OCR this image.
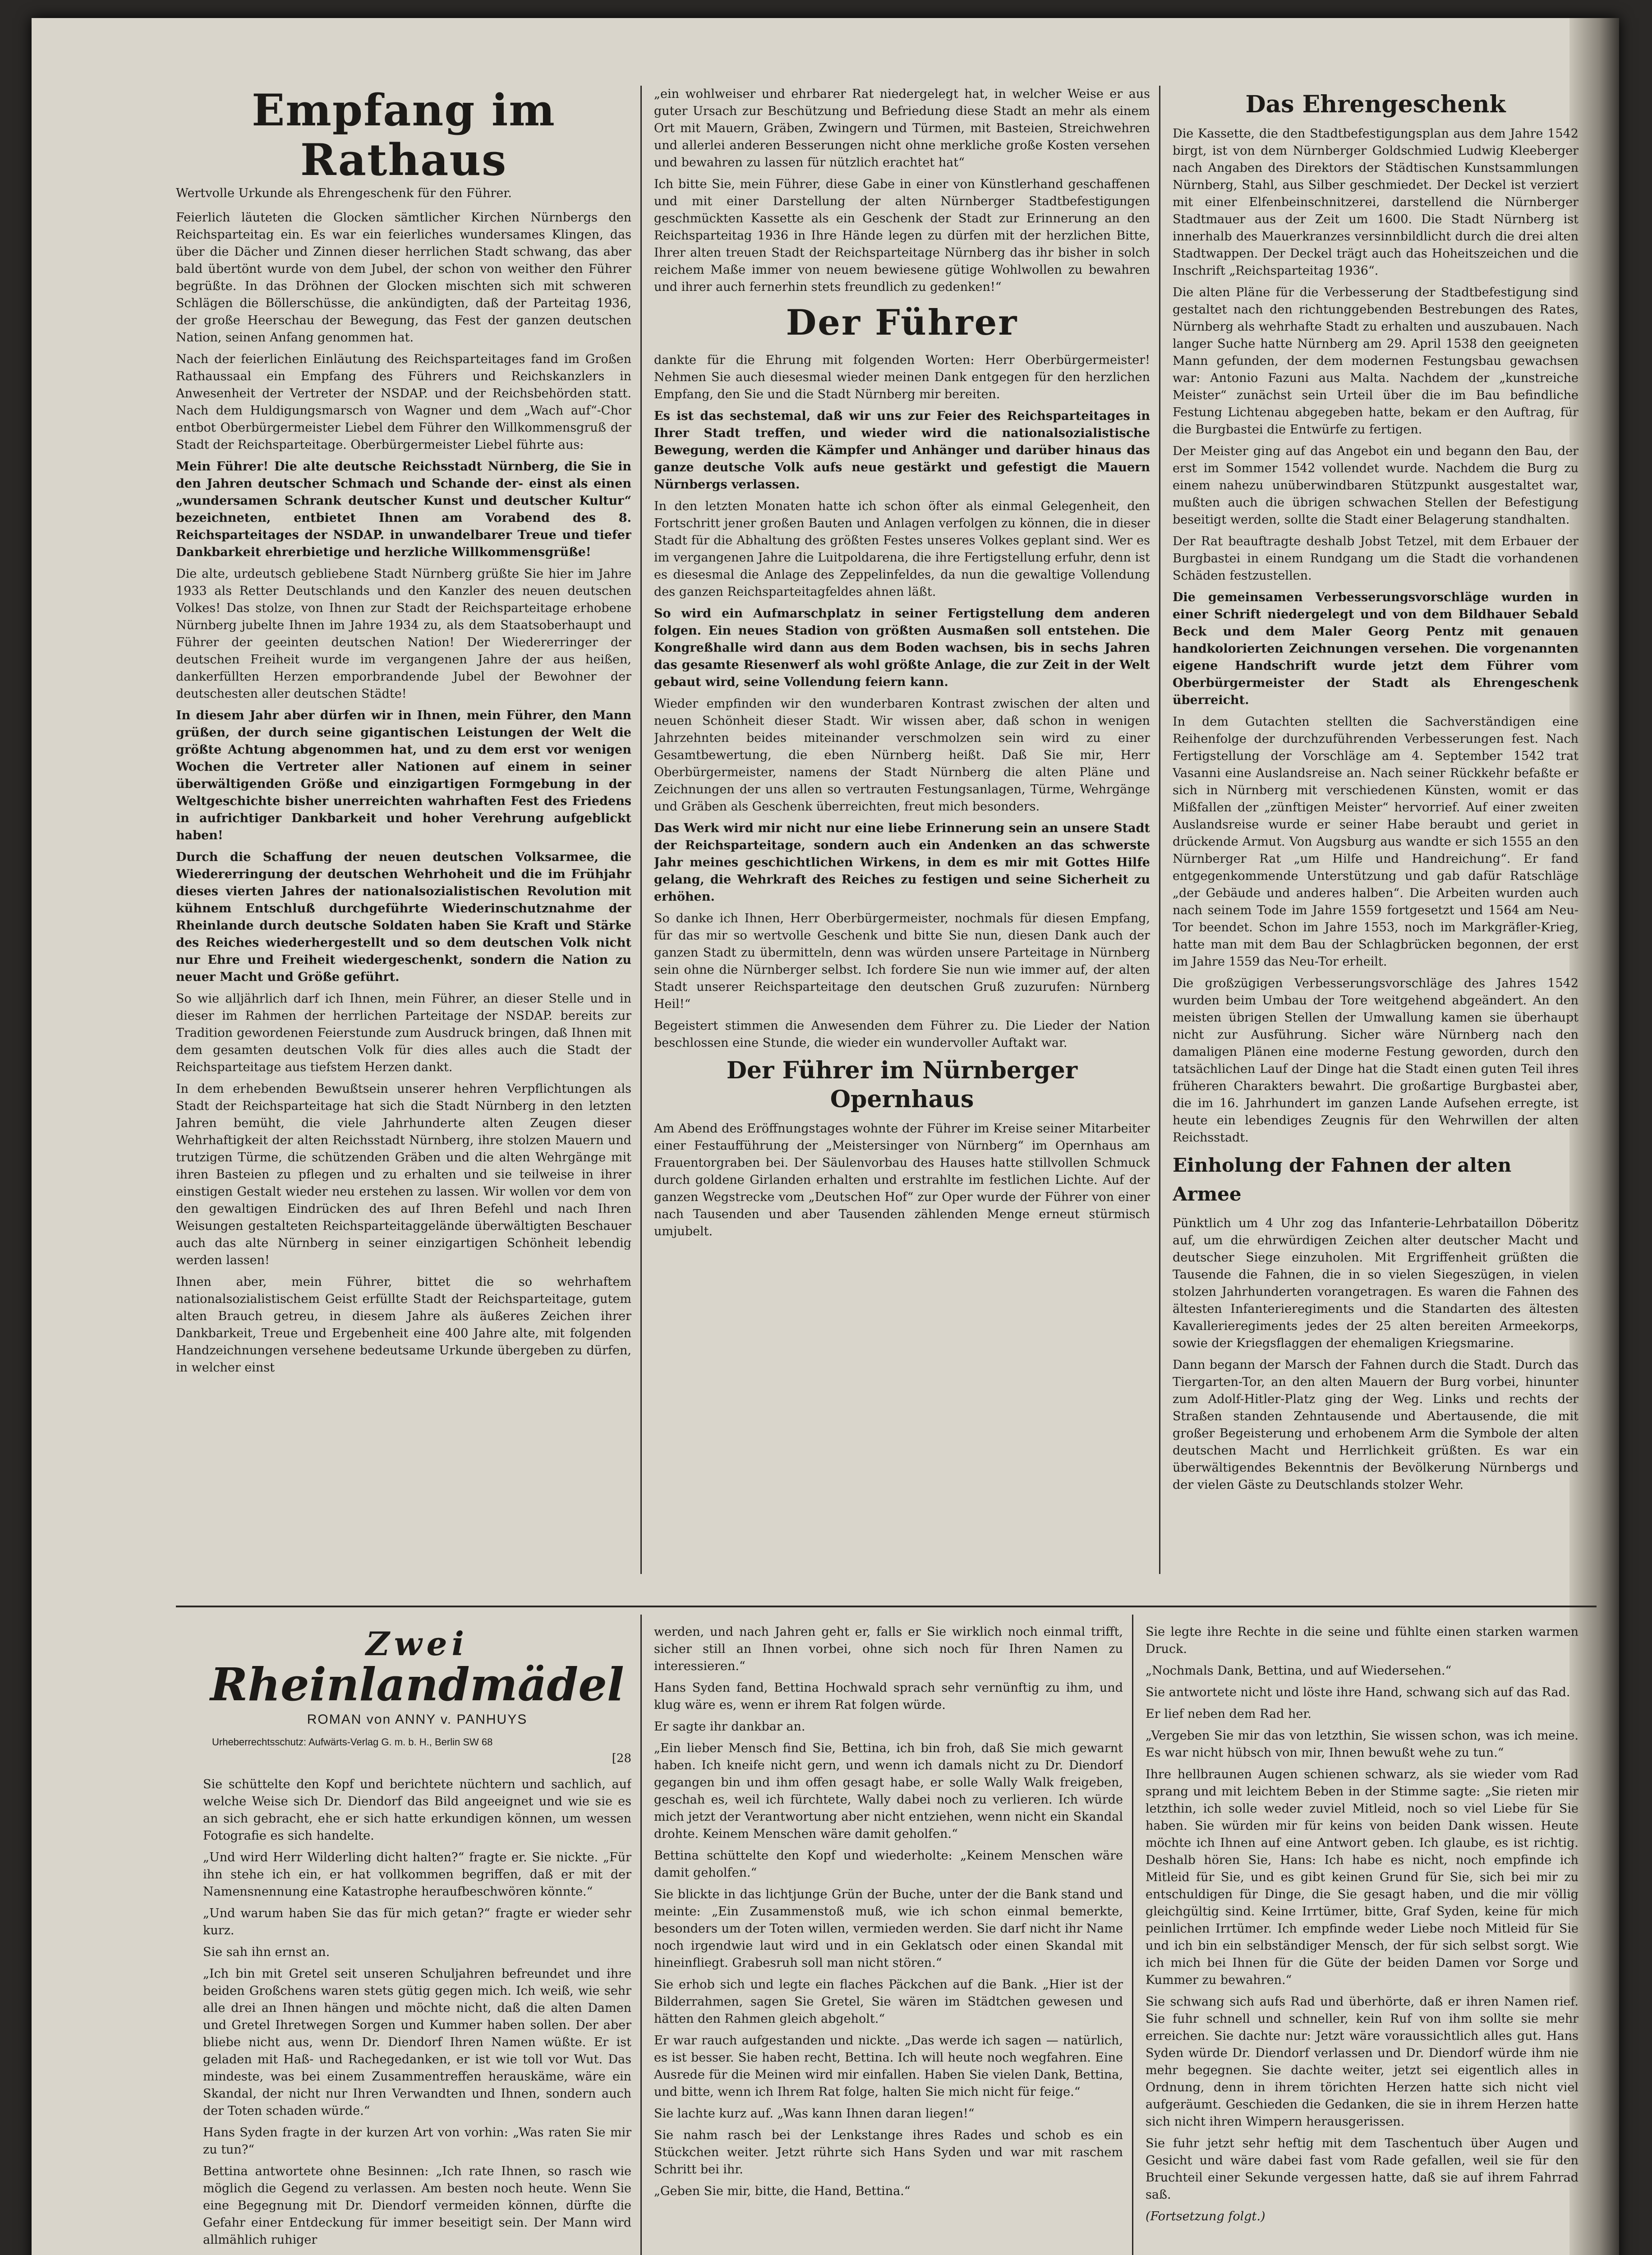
Empfang im Rathaus

Wertvolle Urkunde als Ehrengeschenk für den Führer.

Feierlich läuteten die Glocken sämtlicher Kirchen Nürnbergs den Reichsparteitag ein. Es war ein feierliches wundersames Klingen, das über die Dächer und Zinnen dieser herrlichen Stadt schwang, das aber bald übertönt wurde von dem Jubel, der schon von weither den Führer begrüßte. In das Dröhnen der Glocken mischten sich mit schweren Schlägen die Böllerschüsse, die ankündigten, daß der Parteitag 1936, der große Heerschau der Bewegung, das Fest der ganzen deutschen Nation, seinen Anfang genommen hat.

Nach der feierlichen Einläutung des Reichsparteitages fand im Großen Rathaussaal ein Empfang des Führers und Reichskanzlers in Anwesenheit der Vertreter der NSDAP. und der Reichsbehörden statt. Nach dem Huldigungsmarsch von Wagner und dem „Wach auf“-Chor entbot Oberbürgermeister Liebel dem Führer den Willkommensgruß der Stadt der Reichsparteitage. Oberbürgermeister Liebel führte aus:

Mein Führer! Die alte deutsche Reichsstadt Nürnberg, die Sie in den Jahren deutscher Schmach und Schande der- einst als einen „wundersamen Schrank deutscher Kunst und deutscher Kultur“ bezeichneten, entbietet Ihnen am Vorabend des 8. Reichsparteitages der NSDAP. in unwandelbarer Treue und tiefer Dankbarkeit ehrerbietige und herzliche Willkommensgrüße!

Die alte, urdeutsch gebliebene Stadt Nürnberg grüßte Sie hier im Jahre 1933 als Retter Deutschlands und den Kanzler des neuen deutschen Volkes! Das stolze, von Ihnen zur Stadt der Reichsparteitage erhobene Nürnberg jubelte Ihnen im Jahre 1934 zu, als dem Staatsoberhaupt und Führer der geeinten deutschen Nation! Der Wiedererringer der deutschen Freiheit wurde im vergangenen Jahre der aus heißen, dankerfüllten Herzen emporbrandende Jubel der Bewohner der deutschesten aller deutschen Städte!

In diesem Jahr aber dürfen wir in Ihnen, mein Führer, den Mann grüßen, der durch seine gigantischen Leistungen der Welt die größte Achtung abgenommen hat, und zu dem erst vor wenigen Wochen die Vertreter aller Nationen auf einem in seiner überwältigenden Größe und einzigartigen Formgebung in der Weltgeschichte bisher unerreichten wahrhaften Fest des Friedens in aufrichtiger Dankbarkeit und hoher Verehrung aufgeblickt haben!

Durch die Schaffung der neuen deutschen Volksarmee, die Wiedererringung der deutschen Wehrhoheit und die im Frühjahr dieses vierten Jahres der nationalsozialistischen Revolution mit kühnem Entschluß durchgeführte Wiederinschutznahme der Rheinlande durch deutsche Soldaten haben Sie Kraft und Stärke des Reiches wiederhergestellt und so dem deutschen Volk nicht nur Ehre und Freiheit wiedergeschenkt, sondern die Nation zu neuer Macht und Größe geführt.

So wie alljährlich darf ich Ihnen, mein Führer, an dieser Stelle und in dieser im Rahmen der herrlichen Parteitage der NSDAP. bereits zur Tradition gewordenen Feierstunde zum Ausdruck bringen, daß Ihnen mit dem gesamten deutschen Volk für dies alles auch die Stadt der Reichsparteitage aus tiefstem Herzen dankt.

In dem erhebenden Bewußtsein unserer hehren Verpflichtungen als Stadt der Reichsparteitage hat sich die Stadt Nürnberg in den letzten Jahren bemüht, die viele Jahrhunderte alten Zeugen dieser Wehrhaftigkeit der alten Reichsstadt Nürnberg, ihre stolzen Mauern und trutzigen Türme, die schützenden Gräben und die alten Wehrgänge mit ihren Basteien zu pflegen und zu erhalten und sie teilweise in ihrer einstigen Gestalt wieder neu erstehen zu lassen. Wir wollen vor dem von den gewaltigen Eindrücken des auf Ihren Befehl und nach Ihren Weisungen gestalteten Reichsparteitaggelände überwältigten Beschauer auch das alte Nürnberg in seiner einzigartigen Schönheit lebendig werden lassen!

Ihnen aber, mein Führer, bittet die so wehrhaftem nationalsozialistischem Geist erfüllte Stadt der Reichsparteitage, gutem alten Brauch getreu, in diesem Jahre als äußeres Zeichen ihrer Dankbarkeit, Treue und Ergebenheit eine 400 Jahre alte, mit folgenden Handzeichnungen versehene bedeutsame Urkunde übergeben zu dürfen, in welcher einst

„ein wohlweiser und ehrbarer Rat niedergelegt hat, in welcher Weise er aus guter Ursach zur Beschützung und Befriedung diese Stadt an mehr als einem Ort mit Mauern, Gräben, Zwingern und Türmen, mit Basteien, Streichwehren und allerlei anderen Besserungen nicht ohne merkliche große Kosten versehen und bewahren zu lassen für nützlich erachtet hat“

Ich bitte Sie, mein Führer, diese Gabe in einer von Künstlerhand geschaffenen und mit einer Darstellung der alten Nürnberger Stadtbefestigungen geschmückten Kassette als ein Geschenk der Stadt zur Erinnerung an den Reichsparteitag 1936 in Ihre Hände legen zu dürfen mit der herzlichen Bitte, Ihrer alten treuen Stadt der Reichsparteitage Nürnberg das ihr bisher in solch reichem Maße immer von neuem bewiesene gütige Wohlwollen zu bewahren und ihrer auch fernerhin stets freundlich zu gedenken!“

Der Führer

dankte für die Ehrung mit folgenden Worten: Herr Oberbürgermeister! Nehmen Sie auch diesesmal wieder meinen Dank entgegen für den herzlichen Empfang, den Sie und die Stadt Nürnberg mir bereiten.

Es ist das sechstemal, daß wir uns zur Feier des Reichsparteitages in Ihrer Stadt treffen, und wieder wird die nationalsozialistische Bewegung, werden die Kämpfer und Anhänger und darüber hinaus das ganze deutsche Volk aufs neue gestärkt und gefestigt die Mauern Nürnbergs verlassen.

In den letzten Monaten hatte ich schon öfter als einmal Gelegenheit, den Fortschritt jener großen Bauten und Anlagen verfolgen zu können, die in dieser Stadt für die Abhaltung des größten Festes unseres Volkes geplant sind. Wer es im vergangenen Jahre die Luitpoldarena, die ihre Fertigstellung erfuhr, denn ist es diesesmal die Anlage des Zeppelinfeldes, da nun die gewaltige Vollendung des ganzen Reichsparteitagfeldes ahnen läßt.

So wird ein Aufmarschplatz in seiner Fertigstellung dem anderen folgen. Ein neues Stadion von größten Ausmaßen soll entstehen. Die Kongreßhalle wird dann aus dem Boden wachsen, bis in sechs Jahren das gesamte Riesenwerf als wohl größte Anlage, die zur Zeit in der Welt gebaut wird, seine Vollendung feiern kann.

Wieder empfinden wir den wunderbaren Kontrast zwischen der alten und neuen Schönheit dieser Stadt. Wir wissen aber, daß schon in wenigen Jahrzehnten beides miteinander verschmolzen sein wird zu einer Gesamtbewertung, die eben Nürnberg heißt. Daß Sie mir, Herr Oberbürgermeister, namens der Stadt Nürnberg die alten Pläne und Zeichnungen der uns allen so vertrauten Festungsanlagen, Türme, Wehrgänge und Gräben als Geschenk überreichten, freut mich besonders.

Das Werk wird mir nicht nur eine liebe Erinnerung sein an unsere Stadt der Reichsparteitage, sondern auch ein Andenken an das schwerste Jahr meines geschichtlichen Wirkens, in dem es mir mit Gottes Hilfe gelang, die Wehrkraft des Reiches zu festigen und seine Sicherheit zu erhöhen.

So danke ich Ihnen, Herr Oberbürgermeister, nochmals für diesen Empfang, für das mir so wertvolle Geschenk und bitte Sie nun, diesen Dank auch der ganzen Stadt zu übermitteln, denn was würden unsere Parteitage in Nürnberg sein ohne die Nürnberger selbst. Ich fordere Sie nun wie immer auf, der alten Stadt unserer Reichsparteitage den deutschen Gruß zuzurufen: Nürnberg Heil!“

Begeistert stimmen die Anwesenden dem Führer zu. Die Lieder der Nation beschlossen eine Stunde, die wieder ein wundervoller Auftakt war.

Der Führer im Nürnberger Opernhaus

Am Abend des Eröffnungstages wohnte der Führer im Kreise seiner Mitarbeiter einer Festaufführung der „Meistersinger von Nürnberg“ im Opernhaus am Frauentorgraben bei. Der Säulenvorbau des Hauses hatte stillvollen Schmuck durch goldene Girlanden erhalten und erstrahlte im festlichen Lichte. Auf der ganzen Wegstrecke vom „Deutschen Hof“ zur Oper wurde der Führer von einer nach Tausenden und aber Tausenden zählenden Menge erneut stürmisch umjubelt.

Das Ehrengeschenk

Die Kassette, die den Stadtbefestigungsplan aus dem Jahre 1542 birgt, ist von dem Nürnberger Goldschmied Ludwig Kleeberger nach Angaben des Direktors der Städtischen Kunstsammlungen Nürnberg, Stahl, aus Silber geschmiedet. Der Deckel ist verziert mit einer Elfenbeinschnitzerei, darstellend die Nürnberger Stadtmauer aus der Zeit um 1600. Die Stadt Nürnberg ist innerhalb des Mauerkranzes versinnbildlicht durch die drei alten Stadtwappen. Der Deckel trägt auch das Hoheitszeichen und die Inschrift „Reichsparteitag 1936“.

Die alten Pläne für die Verbesserung der Stadtbefestigung sind gestaltet nach den richtunggebenden Bestrebungen des Rates, Nürnberg als wehrhafte Stadt zu erhalten und auszubauen. Nach langer Suche hatte Nürnberg am 29. April 1538 den geeigneten Mann gefunden, der dem modernen Festungsbau gewachsen war: Antonio Fazuni aus Malta. Nachdem der „kunstreiche Meister“ zunächst sein Urteil über die im Bau befindliche Festung Lichtenau abgegeben hatte, bekam er den Auftrag, für die Burgbastei die Entwürfe zu fertigen.

Der Meister ging auf das Angebot ein und begann den Bau, der erst im Sommer 1542 vollendet wurde. Nachdem die Burg zu einem nahezu unüberwindbaren Stützpunkt ausgestaltet war, mußten auch die übrigen schwachen Stellen der Befestigung beseitigt werden, sollte die Stadt einer Belagerung standhalten.

Der Rat beauftragte deshalb Jobst Tetzel, mit dem Erbauer der Burgbastei in einem Rundgang um die Stadt die vorhandenen Schäden festzustellen.

Die gemeinsamen Verbesserungsvorschläge wurden in einer Schrift niedergelegt und von dem Bildhauer Sebald Beck und dem Maler Georg Pentz mit genauen handkolorierten Zeichnungen versehen. Die vorgenannten eigene Handschrift wurde jetzt dem Führer vom Oberbürgermeister der Stadt als Ehrengeschenk überreicht.

In dem Gutachten stellten die Sachverständigen eine Reihenfolge der durchzuführenden Verbesserungen fest. Nach Fertigstellung der Vorschläge am 4. September 1542 trat Vasanni eine Auslandsreise an. Nach seiner Rückkehr befaßte er sich in Nürnberg mit verschiedenen Künsten, womit er das Mißfallen der „zünftigen Meister“ hervorrief. Auf einer zweiten Auslandsreise wurde er seiner Habe beraubt und geriet in drückende Armut. Von Augsburg aus wandte er sich 1555 an den Nürnberger Rat „um Hilfe und Handreichung“. Er fand entgegenkommende Unterstützung und gab dafür Ratschläge „der Gebäude und anderes halben“. Die Arbeiten wurden auch nach seinem Tode im Jahre 1559 fortgesetzt und 1564 am Neu-Tor beendet. Schon im Jahre 1553, noch im Markgräfler-Krieg, hatte man mit dem Bau der Schlagbrücken begonnen, der erst im Jahre 1559 das Neu-Tor erheilt.

Die großzügigen Verbesserungsvorschläge des Jahres 1542 wurden beim Umbau der Tore weitgehend abgeändert. An den meisten übrigen Stellen der Umwallung kamen sie überhaupt nicht zur Ausführung. Sicher wäre Nürnberg nach den damaligen Plänen eine moderne Festung geworden, durch den tatsächlichen Lauf der Dinge hat die Stadt einen guten Teil ihres früheren Charakters bewahrt. Die großartige Burgbastei aber, die im 16. Jahrhundert im ganzen Lande Aufsehen erregte, ist heute ein lebendiges Zeugnis für den Wehrwillen der alten Reichsstadt.

Einholung der Fahnen der alten Armee

Pünktlich um 4 Uhr zog das Infanterie-Lehrbataillon Döberitz auf, um die ehrwürdigen Zeichen alter deutscher Macht und deutscher Siege einzuholen. Mit Ergriffenheit grüßten die Tausende die Fahnen, die in so vielen Siegeszügen, in vielen stolzen Jahrhunderten vorangetragen. Es waren die Fahnen des ältesten Infanterieregiments und die Standarten des ältesten Kavallerieregiments jedes der 25 alten bereiten Armeekorps, sowie der Kriegsflaggen der ehemaligen Kriegsmarine.

Dann begann der Marsch der Fahnen durch die Stadt. Durch das Tiergarten-Tor, an den alten Mauern der Burg vorbei, hinunter zum Adolf-Hitler-Platz ging der Weg. Links und rechts der Straßen standen Zehntausende und Abertausende, die mit großer Begeisterung und erhobenem Arm die Symbole der alten deutschen Macht und Herrlichkeit grüßten. Es war ein überwältigendes Bekenntnis der Bevölkerung Nürnbergs und der vielen Gäste zu Deutschlands stolzer Wehr.

Zwei
Rheinlandmädel
ROMAN von ANNY v. PANHUYS
Urheberrechtsschutz: Aufwärts-Verlag G. m. b. H., Berlin SW 68
[28

Sie schüttelte den Kopf und berichtete nüchtern und sachlich, auf welche Weise sich Dr. Diendorf das Bild angeeignet und wie sie es an sich gebracht, ehe er sich hatte erkundigen können, um wessen Fotografie es sich handelte.

„Und wird Herr Wilderling dicht halten?“ fragte er. Sie nickte. „Für ihn stehe ich ein, er hat vollkommen begriffen, daß er mit der Namensnennung eine Katastrophe heraufbeschwören könnte.“

„Und warum haben Sie das für mich getan?“ fragte er wieder sehr kurz.

Sie sah ihn ernst an.

„Ich bin mit Gretel seit unseren Schuljahren befreundet und ihre beiden Großchens waren stets gütig gegen mich. Ich weiß, wie sehr alle drei an Ihnen hängen und möchte nicht, daß die alten Damen und Gretel Ihretwegen Sorgen und Kummer haben sollen. Der aber bliebe nicht aus, wenn Dr. Diendorf Ihren Namen wüßte. Er ist geladen mit Haß- und Rachegedanken, er ist wie toll vor Wut. Das mindeste, was bei einem Zusammentreffen herauskäme, wäre ein Skandal, der nicht nur Ihren Verwandten und Ihnen, sondern auch der Toten schaden würde.“

Hans Syden fragte in der kurzen Art von vorhin: „Was raten Sie mir zu tun?“

Bettina antwortete ohne Besinnen: „Ich rate Ihnen, so rasch wie möglich die Gegend zu verlassen. Am besten noch heute. Wenn Sie eine Begegnung mit Dr. Diendorf vermeiden können, dürfte die Gefahr einer Entdeckung für immer beseitigt sein. Der Mann wird allmählich ruhiger

werden, und nach Jahren geht er, falls er Sie wirklich noch einmal trifft, sicher still an Ihnen vorbei, ohne sich noch für Ihren Namen zu interessieren.“

Hans Syden fand, Bettina Hochwald sprach sehr vernünftig zu ihm, und klug wäre es, wenn er ihrem Rat folgen würde.

Er sagte ihr dankbar an.

„Ein lieber Mensch find Sie, Bettina, ich bin froh, daß Sie mich gewarnt haben. Ich kneife nicht gern, und wenn ich damals nicht zu Dr. Diendorf gegangen bin und ihm offen gesagt habe, er solle Wally Walk freigeben, geschah es, weil ich fürchtete, Wally dabei noch zu verlieren. Ich würde mich jetzt der Verantwortung aber nicht entziehen, wenn nicht ein Skandal drohte. Keinem Menschen wäre damit geholfen.“

Bettina schüttelte den Kopf und wiederholte: „Keinem Menschen wäre damit geholfen.“

Sie blickte in das lichtjunge Grün der Buche, unter der die Bank stand und meinte: „Ein Zusammenstoß muß, wie ich schon einmal bemerkte, besonders um der Toten willen, vermieden werden. Sie darf nicht ihr Name noch irgendwie laut wird und in ein Geklatsch oder einen Skandal mit hineinfliegt. Grabesruh soll man nicht stören.“

Sie erhob sich und legte ein flaches Päckchen auf die Bank. „Hier ist der Bilderrahmen, sagen Sie Gretel, Sie wären im Städtchen gewesen und hätten den Rahmen gleich abgeholt.“

Er war rauch aufgestanden und nickte. „Das werde ich sagen — natürlich, es ist besser. Sie haben recht, Bettina. Ich will heute noch wegfahren. Eine Ausrede für die Meinen wird mir einfallen. Haben Sie vielen Dank, Bettina, und bitte, wenn ich Ihrem Rat folge, halten Sie mich nicht für feige.“

Sie lachte kurz auf. „Was kann Ihnen daran liegen!“

Sie nahm rasch bei der Lenkstange ihres Rades und schob es ein Stückchen weiter. Jetzt rührte sich Hans Syden und war mit raschem Schritt bei ihr.

„Geben Sie mir, bitte, die Hand, Bettina.“

Sie legte ihre Rechte in die seine und fühlte einen starken warmen Druck.

„Nochmals Dank, Bettina, und auf Wiedersehen.“

Sie antwortete nicht und löste ihre Hand, schwang sich auf das Rad.

Er lief neben dem Rad her.

„Vergeben Sie mir das von letzthin, Sie wissen schon, was ich meine. Es war nicht hübsch von mir, Ihnen bewußt wehe zu tun.“

Ihre hellbraunen Augen schienen schwarz, als sie wieder vom Rad sprang und mit leichtem Beben in der Stimme sagte: „Sie rieten mir letzthin, ich solle weder zuviel Mitleid, noch so viel Liebe für Sie haben. Sie würden mir für keins von beiden Dank wissen. Heute möchte ich Ihnen auf eine Antwort geben. Ich glaube, es ist richtig. Deshalb hören Sie, Hans: Ich habe es nicht, noch empfinde ich Mitleid für Sie, und es gibt keinen Grund für Sie, sich bei mir zu entschuldigen für Dinge, die Sie gesagt haben, und die mir völlig gleichgültig sind. Keine Irrtümer, bitte, Graf Syden, keine für mich peinlichen Irrtümer. Ich empfinde weder Liebe noch Mitleid für Sie und ich bin ein selbständiger Mensch, der für sich selbst sorgt. Wie ich mich bei Ihnen für die Güte der beiden Damen vor Sorge und Kummer zu bewahren.“

Sie schwang sich aufs Rad und überhörte, daß er ihren Namen rief. Sie fuhr schnell und schneller, kein Ruf von ihm sollte sie mehr erreichen. Sie dachte nur: Jetzt wäre voraussichtlich alles gut. Hans Syden würde Dr. Diendorf verlassen und Dr. Diendorf würde ihm nie mehr begegnen. Sie dachte weiter, jetzt sei eigentlich alles in Ordnung, denn in ihrem törichten Herzen hatte sich nicht viel aufgeräumt. Geschieden die Gedanken, die sie in ihrem Herzen hatte sich nicht ihren Wimpern herausgerissen.

Sie fuhr jetzt sehr heftig mit dem Taschentuch über Augen und Gesicht und wäre dabei fast vom Rade gefallen, weil sie für den Bruchteil einer Sekunde vergessen hatte, daß sie auf ihrem Fahrrad saß.

(Fortsetzung folgt.)
